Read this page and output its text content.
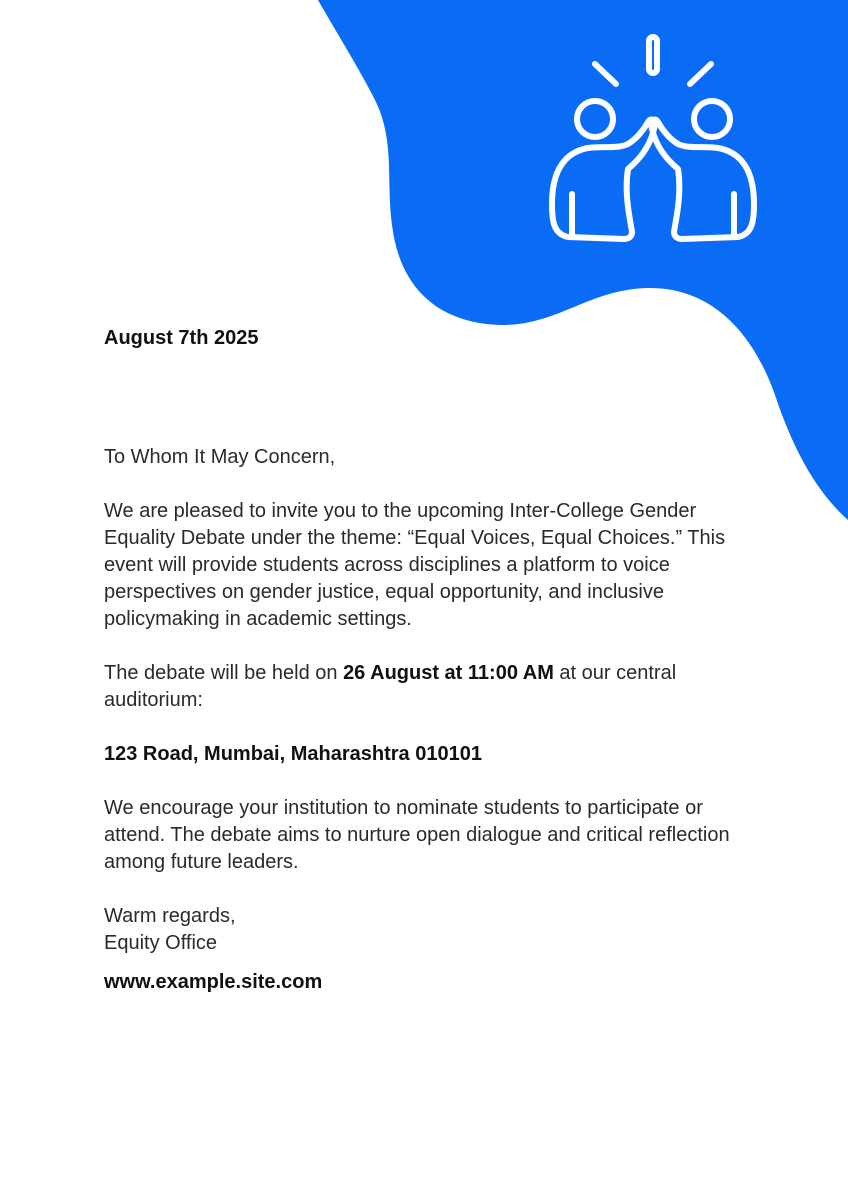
August 7th 2025

To Whom It May Concern,

We are pleased to invite you to the upcoming Inter-College Gender Equality Debate under the theme: “Equal Voices, Equal Choices.” This event will provide students across disciplines a platform to voice perspectives on gender justice, equal opportunity, and inclusive policymaking in academic settings.

The debate will be held on 26 August at 11:00 AM at our central auditorium:

123 Road, Mumbai, Maharashtra 010101

We encourage your institution to nominate students to participate or attend. The debate aims to nurture open dialogue and critical reflection among future leaders.

Warm regards,
Equity Office

www.example.site.com
